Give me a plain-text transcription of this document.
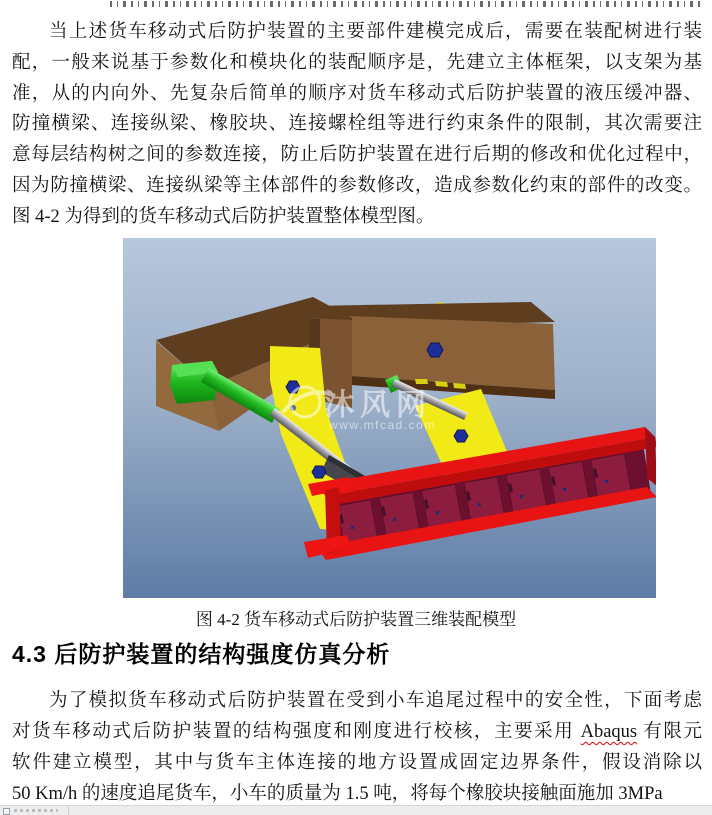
当上述货车移动式后防护装置的主要部件建模完成后，需要在装配树进行装
配，一般来说基于参数化和模块化的装配顺序是，先建立主体框架，以支架为基
准，从的内向外、先复杂后简单的顺序对货车移动式后防护装置的液压缓冲器、
防撞横梁、连接纵梁、橡胶块、连接螺栓组等进行约束条件的限制，其次需要注
意每层结构树之间的参数连接，防止后防护装置在进行后期的修改和优化过程中，
因为防撞横梁、连接纵梁等主体部件的参数修改，造成参数化约束的部件的改变。
图 4-2 为得到的货车移动式后防护装置整体模型图。
沐风网
www.mfcad.com
图 4-2 货车移动式后防护装置三维装配模型
4.3 后防护装置的结构强度仿真分析
为了模拟货车移动式后防护装置在受到小车追尾过程中的安全性，下面考虑
对货车移动式后防护装置的结构强度和刚度进行校核，主要采用 Abaqus 有限元
软件建立模型，其中与货车主体连接的地方设置成固定边界条件，假设消除以
50 Km/h 的速度追尾货车，小车的质量为 1.5 吨，将每个橡胶块接触面施加 3MPa
